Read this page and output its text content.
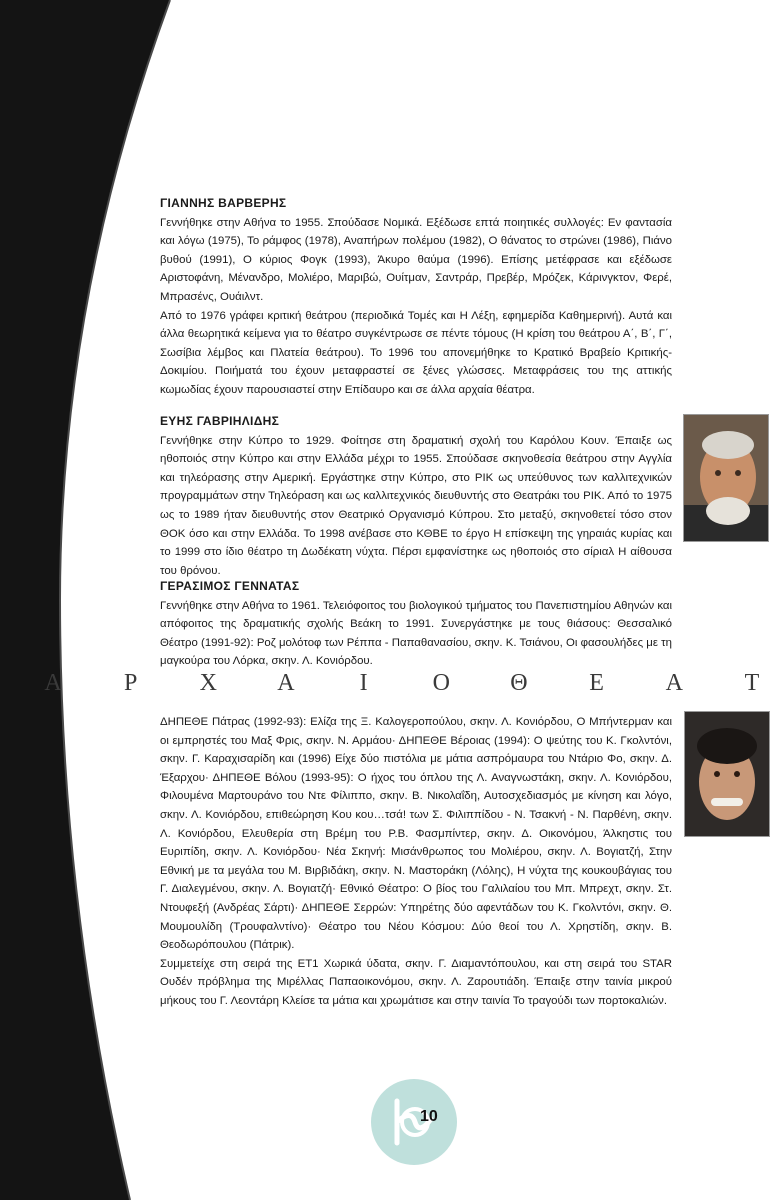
ΓΙΑΝΝΗΣ ΒΑΡΒΕΡΗΣ

Γεννήθηκε στην Αθήνα το 1955. Σπούδασε Νομικά. Εξέδωσε επτά ποιητικές συλλογές: Εν φαντασία και λόγω (1975), Το ράμφος (1978), Αναπήρων πολέμου (1982), Ο θάνατος το στρώνει (1986), Πιάνο βυθού (1991), Ο κύριος Φογκ (1993), Άκυρο θαύμα (1996). Επίσης μετέφρασε και εξέδωσε Αριστοφάνη, Μένανδρο, Μολιέρο, Μαριβώ, Ουίτμαν, Σαντράρ, Πρεβέρ, Μρόζεκ, Κάρινγκτον, Φερέ, Μπρασένς, Ουάιλντ.

Από το 1976 γράφει κριτική θεάτρου (περιοδικά Τομές και Η Λέξη, εφημερίδα Καθημερινή). Αυτά και άλλα θεωρητικά κείμενα για το θέατρο συγκέντρωσε σε πέντε τόμους (Η κρίση του θεάτρου Α΄, Β΄, Γ΄, Σωσίβια λέμβος και Πλατεία θεάτρου). Το 1996 του απονεμήθηκε το Κρατικό Βραβείο Κριτικής-Δοκιμίου. Ποιήματά του έχουν μεταφραστεί σε ξένες γλώσσες. Μεταφράσεις του της αττικής κωμωδίας έχουν παρουσιαστεί στην Επίδαυρο και σε άλλα αρχαία θέατρα.

ΕΥΗΣ ΓΑΒΡΙΗΛΙΔΗΣ

Γεννήθηκε στην Κύπρο το 1929. Φοίτησε στη δραματική σχολή του Καρόλου Κουν. Έπαιξε ως ηθοποιός στην Κύπρο και στην Ελλάδα μέχρι το 1955. Σπούδασε σκηνοθεσία θεάτρου στην Αγγλία και τηλεόρασης στην Αμερική. Εργάστηκε στην Κύπρο, στο ΡΙΚ ως υπεύθυνος των καλλιτεχνικών προγραμμάτων στην Τηλεόραση και ως καλλιτεχνικός διευθυντής στο Θεατράκι του ΡΙΚ. Από το 1975 ως το 1989 ήταν διευθυντής στον Θεατρικό Οργανισμό Κύπρου. Στο μεταξύ, σκηνοθετεί τόσο στον ΘΟΚ όσο και στην Ελλάδα. Το 1998 ανέβασε στο ΚΘΒΕ το έργο Η επίσκεψη της γηραιάς κυρίας και το 1999 στο ίδιο θέατρο τη Δωδέκατη νύχτα. Πέρσι εμφανίστηκε ως ηθοποιός στο σίριαλ Η αίθουσα του θρόνου.

ΓΕΡΑΣΙΜΟΣ ΓΕΝΝΑΤΑΣ

Γεννήθηκε στην Αθήνα το 1961. Τελειόφοιτος του βιολογικού τμήματος του Πανεπιστημίου Αθηνών και απόφοιτος της δραματικής σχολής Βεάκη το 1991. Συνεργάστηκε με τους θιάσους: Θεσσαλικό Θέατρο (1991-92): Ροζ μολότοφ των Ρέππα - Παπαθανασίου, σκην. Κ. Τσιάνου, Οι φασουλήδες με τη μαγκούρα του Λόρκα, σκην. Λ. Κονιόρδου.

Α	Ρ	Χ	Α	Ι	Ο	Θ	Ε	Α	Τ

ΔΗΠΕΘΕ Πάτρας (1992-93): Ελίζα της Ξ. Καλογεροπούλου, σκην. Λ. Κονιόρδου, Ο Μπήντερμαν και οι εμπρηστές του Μαξ Φρις, σκην. Ν. Αρμάου· ΔΗΠΕΘΕ Βέροιας (1994): Ο ψεύτης του Κ. Γκολντόνι, σκην. Γ. Καραχισαρίδη και (1996) Είχε δύο πιστόλια με μάτια ασπρόμαυρα του Ντάριο Φο, σκην. Δ. Έξαρχου· ΔΗΠΕΘΕ Βόλου (1993-95): Ο ήχος του όπλου της Λ. Αναγνωστάκη, σκην. Λ. Κονιόρδου, Φιλουμένα Μαρτουράνο του Ντε Φίλιππο, σκην. Β. Νικολαΐδη, Αυτοσχεδιασμός με κίνηση και λόγο, σκην. Λ. Κονιόρδου, επιθεώρηση Κου κου…τσά! των Σ. Φιλιππίδου - Ν. Τσακνή - Ν. Παρθένη, σκην. Λ. Κονιόρδου, Ελευθερία στη Βρέμη του Ρ.Β. Φασμπίντερ, σκην. Δ. Οικονόμου, Άλκηστις του Ευριπίδη, σκην. Λ. Κονιόρδου· Νέα Σκηνή: Μισάνθρωπος του Μολιέρου, σκην. Λ. Βογιατζή, Στην Εθνική με τα μεγάλα του Μ. Βιρβιδάκη, σκην. Ν. Μαστοράκη (Λόλης), Η νύχτα της κουκουβάγιας του Γ. Διαλεγμένου, σκην. Λ. Βογιατζή· Εθνικό Θέατρο: Ο βίος του Γαλιλαίου του Μπ. Μπρεχτ, σκην. Στ. Ντουφεξή (Ανδρέας Σάρτι)· ΔΗΠΕΘΕ Σερρών: Υπηρέτης δύο αφεντάδων του Κ. Γκολντόνι, σκην. Θ. Μουμουλίδη (Τρουφαλντίνο)· Θέατρο του Νέου Κόσμου: Δύο θεοί του Λ. Χρηστίδη, σκην. Β. Θεοδωρόπουλου (Πάτρικ).

Συμμετείχε στη σειρά της ΕΤ1 Χωρικά ύδατα, σκην. Γ. Διαμαντόπουλου, και στη σειρά του STAR Ουδέν πρόβλημα της Μιρέλλας Παπαοικονόμου, σκην. Λ. Ζαρουτιάδη. Έπαιξε στην ταινία μικρού μήκους του Γ. Λεοντάρη Κλείσε τα μάτια και χρωμάτισε και στην ταινία Το τραγούδι των πορτοκαλιών.

10
